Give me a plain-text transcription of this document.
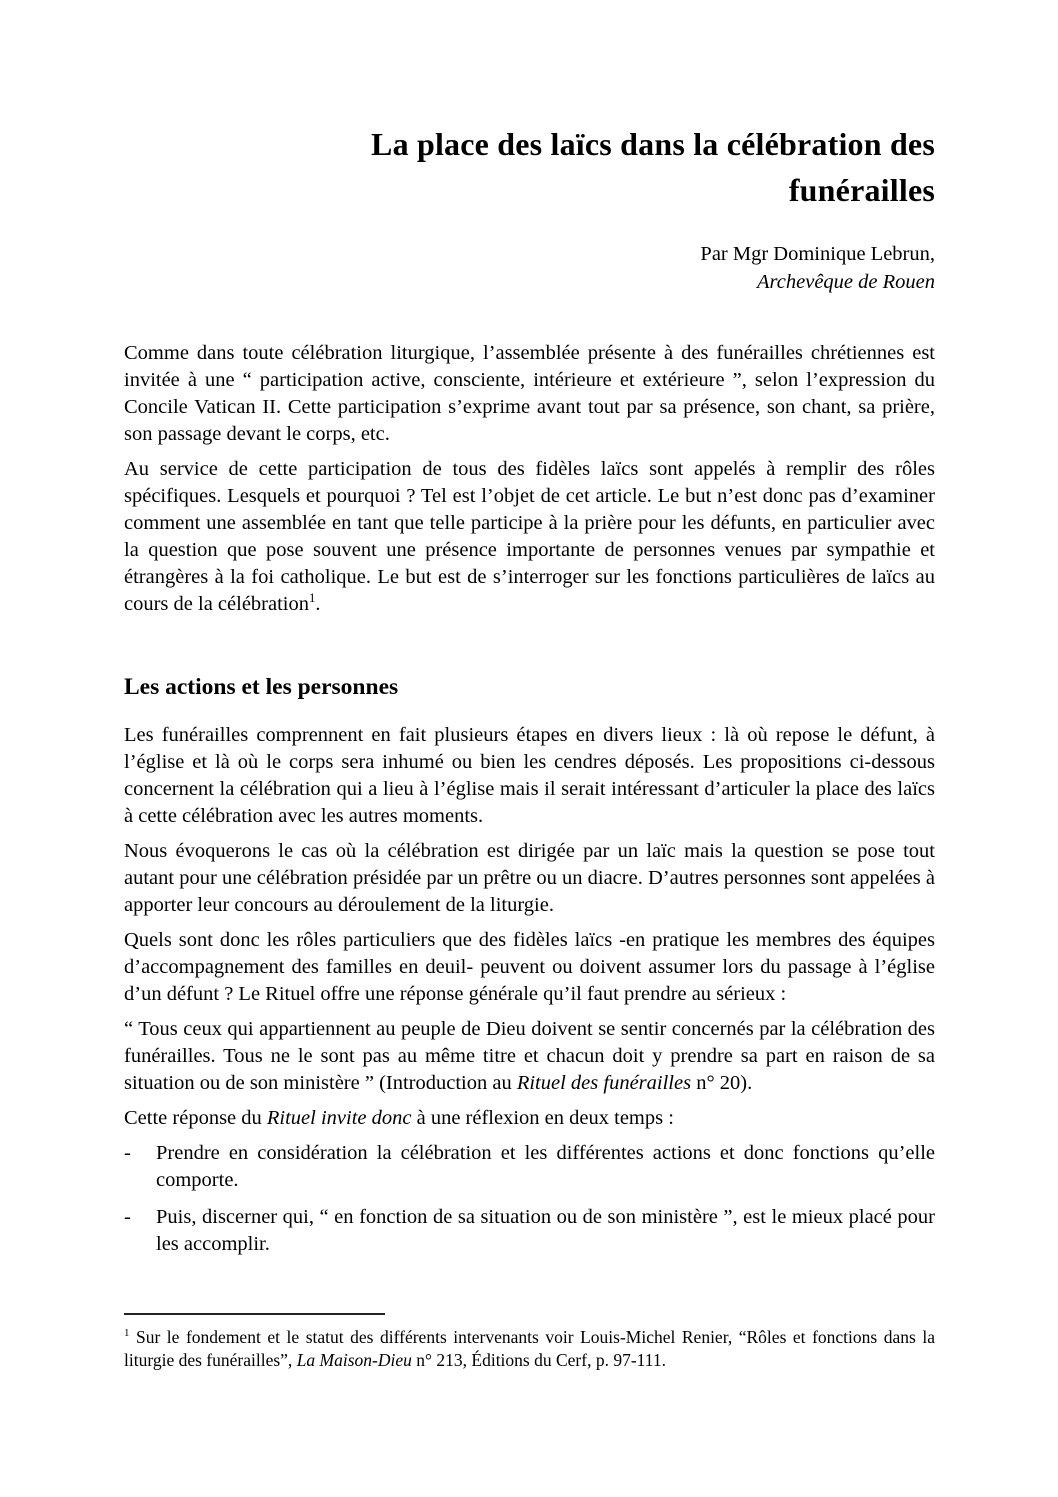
La place des laïcs dans la célébration des
funérailles
Par Mgr Dominique Lebrun,
Archevêque de Rouen

Comme dans toute célébration liturgique, l’assemblée présente à des funérailles chrétiennes est invitée à une “ participation active, consciente, intérieure et extérieure ”, selon l’expression du Concile Vatican II. Cette participation s’exprime avant tout par sa présence, son chant, sa prière, son passage devant le corps, etc.

Au service de cette participation de tous des fidèles laïcs sont appelés à remplir des rôles spécifiques. Lesquels et pourquoi ? Tel est l’objet de cet article. Le but n’est donc pas d’examiner comment une assemblée en tant que telle participe à la prière pour les défunts, en particulier avec la question que pose souvent une présence importante de personnes venues par sympathie et étrangères à la foi catholique. Le but est de s’interroger sur les fonctions particulières de laïcs au cours de la célébration$^1$.

Les actions et les personnes

Les funérailles comprennent en fait plusieurs étapes en divers lieux : là où repose le défunt, à l’église et là où le corps sera inhumé ou bien les cendres déposés. Les propositions ci-dessous concernent la célébration qui a lieu à l’église mais il serait intéressant d’articuler la place des laïcs à cette célébration avec les autres moments.

Nous évoquerons le cas où la célébration est dirigée par un laïc mais la question se pose tout autant pour une célébration présidée par un prêtre ou un diacre. D’autres personnes sont appelées à apporter leur concours au déroulement de la liturgie.

Quels sont donc les rôles particuliers que des fidèles laïcs -en pratique les membres des équipes d’accompagnement des familles en deuil- peuvent ou doivent assumer lors du passage à l’église d’un défunt ? Le Rituel offre une réponse générale qu’il faut prendre au sérieux :

“ Tous ceux qui appartiennent au peuple de Dieu doivent se sentir concernés par la célébration des funérailles. Tous ne le sont pas au même titre et chacun doit y prendre sa part en raison de sa situation ou de son ministère ” (Introduction au Rituel des funérailles n° 20).

Cette réponse du Rituel invite donc à une réflexion en deux temps :

-	Prendre en considération la célébration et les différentes actions et donc fonctions qu’elle comporte.
-	Puis, discerner qui, “ en fonction de sa situation ou de son ministère ”, est le mieux placé pour les accomplir.
$^1$ Sur le fondement et le statut des différents intervenants voir Louis-Michel Renier, “Rôles et fonctions dans la liturgie des funérailles”, La Maison-Dieu n° 213, Éditions du Cerf, p. 97-111.
